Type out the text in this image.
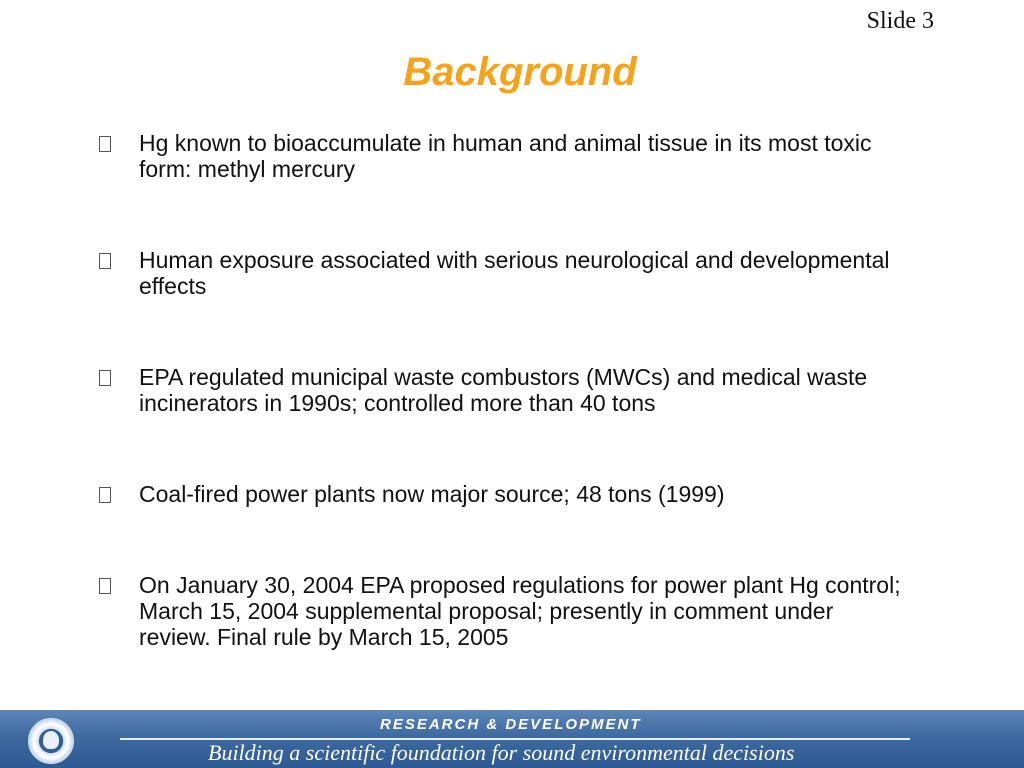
Slide 3
Background
Hg known to bioaccumulate in human and animal tissue in its most toxic form: methyl mercury
Human exposure associated with serious neurological and developmental effects
EPA regulated municipal waste combustors (MWCs) and medical waste incinerators in 1990s; controlled more than 40 tons
Coal-fired power plants now major source; 48 tons (1999)
On January 30, 2004 EPA proposed regulations for power plant Hg control; March 15, 2004 supplemental proposal; presently in comment under review. Final rule by March 15, 2005
RESEARCH & DEVELOPMENT
Building a scientific foundation for sound environmental decisions
